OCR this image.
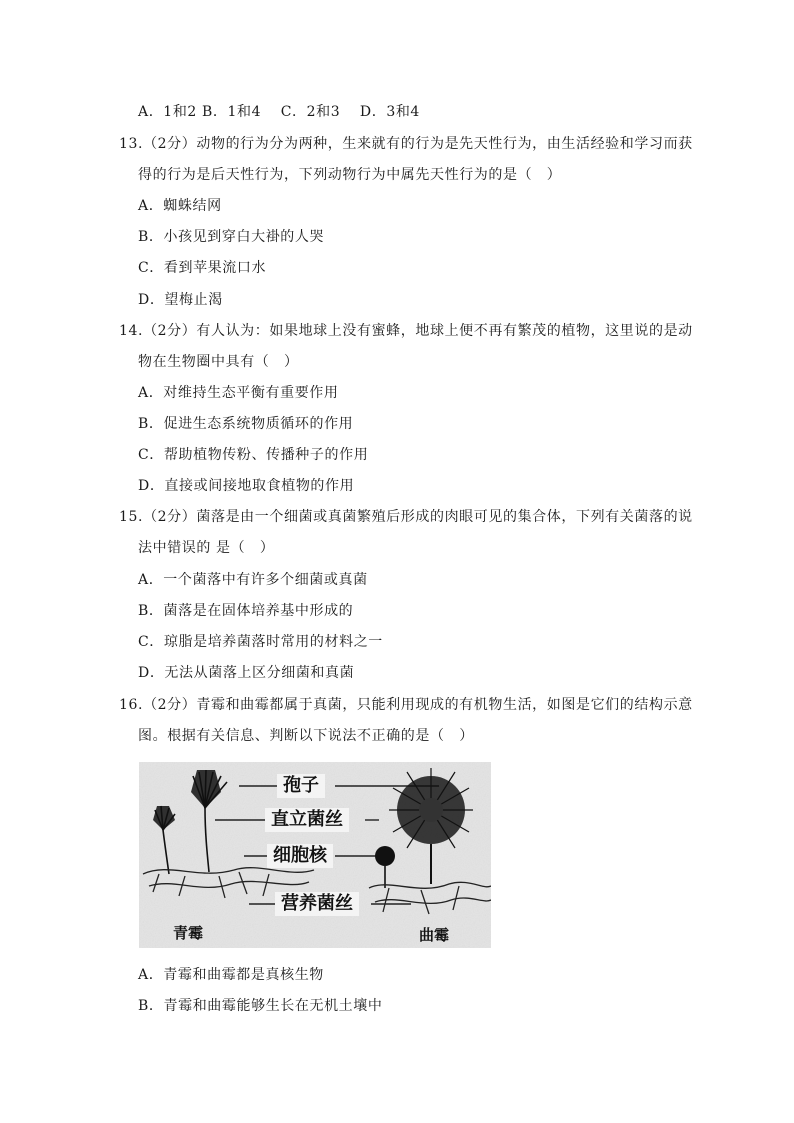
A．1和2 B．1和4　 C．2和3　 D．3和4
13.（2分）动物的行为分为两种，生来就有的行为是先天性行为，由生活经验和学习而获
得的行为是后天性行为，下列动物行为中属先天性行为的是（　）
A．蜘蛛结网
B．小孩见到穿白大褂的人哭
C．看到苹果流口水
D．望梅止渴
14.（2分）有人认为：如果地球上没有蜜蜂，地球上便不再有繁茂的植物，这里说的是动
物在生物圈中具有（　）
A．对维持生态平衡有重要作用
B．促进生态系统物质循环的作用
C．帮助植物传粉、传播种子的作用
D．直接或间接地取食植物的作用
15.（2分）菌落是由一个细菌或真菌繁殖后形成的肉眼可见的集合体，下列有关菌落的说
法中错误的 是（　）
A．一个菌落中有许多个细菌或真菌
B．菌落是在固体培养基中形成的
C．琼脂是培养菌落时常用的材料之一
D．无法从菌落上区分细菌和真菌
16.（2分）青霉和曲霉都属于真菌，只能利用现成的有机物生活，如图是它们的结构示意
图。根据有关信息、判断以下说法不正确的是（　）
孢子
直立菌丝
细胞核
营养菌丝
青霉	曲霉
A．青霉和曲霉都是真核生物
B．青霉和曲霉能够生长在无机土壤中
